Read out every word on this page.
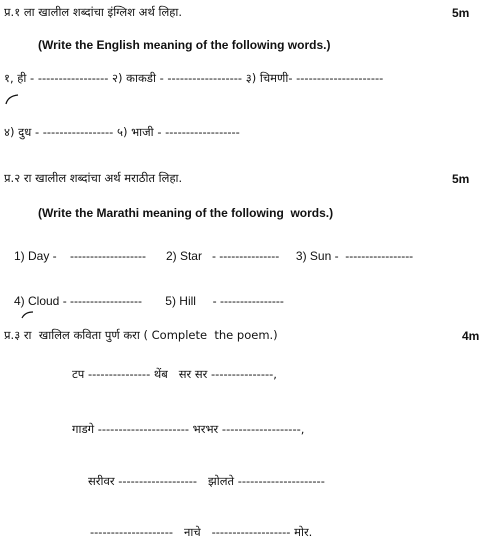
प्र.१ ला खालील शब्दांचा इंग्लिश अर्थ लिहा.	5m
(Write the English meaning of the following words.)
१, ही - ----------------- २) काकडी - ------------------ ३) चिमणी- ---------------------
४) दुध - ----------------- ५) भाजी - ------------------
प्र.२ रा खालील शब्दांचा अर्थ मराठीत लिहा.	5m
(Write the Marathi meaning of the following  words.)
1) Day -    -------------------      2) Star   - ---------------     3) Sun -  -----------------
4) Cloud - ------------------       5) Hill     - ----------------
प्र.३ रा  खालिल कविता पुर्ण करा ( Complete  the poem.)	4m
टप --------------- थेंब   सर सर ---------------,
गाडगे ---------------------- भरभर -------------------,
सरीवर -------------------   झोलते ---------------------
--------------------   नाचे   ------------------- मोर.
